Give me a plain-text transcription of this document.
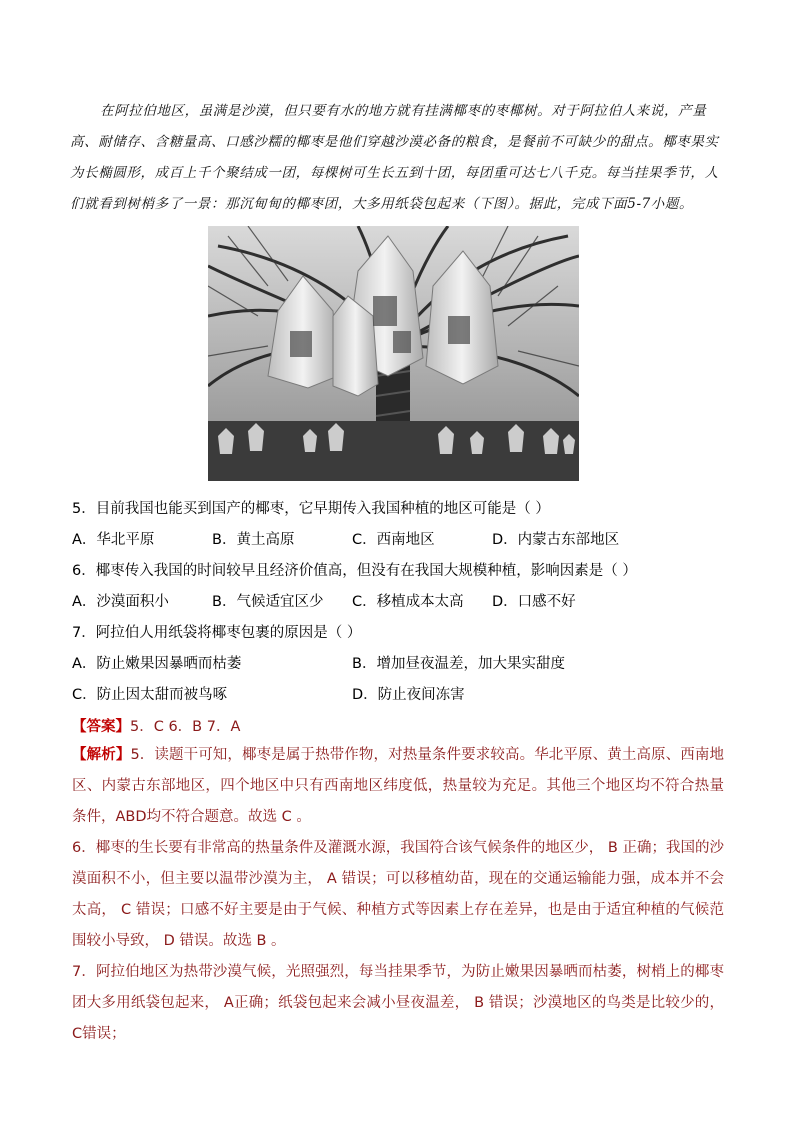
在阿拉伯地区，虽满是沙漠，但只要有水的地方就有挂满椰枣的枣椰树。对于阿拉伯人来说，产量高、耐储存、含糖量高、口感沙糯的椰枣是他们穿越沙漠必备的粮食，是餐前不可缺少的甜点。椰枣果实为长椭圆形，成百上千个聚结成一团，每棵树可生长五到十团，每团重可达七八千克。每当挂果季节，人们就看到树梢多了一景：那沉甸甸的椰枣团，大多用纸袋包起来（下图）。据此，完成下面5-7小题。

5．目前我国也能买到国产的椰枣，它早期传入我国种植的地区可能是（ ）
A．华北平原	B．黄土高原	C．西南地区	D．内蒙古东部地区
6．椰枣传入我国的时间较早且经济价值高，但没有在我国大规模种植，影响因素是（ ）
A．沙漠面积小	B．气候适宜区少 C．移植成本太高 D．口感不好
7．阿拉伯人用纸袋将椰枣包裹的原因是（ ）
A．防止嫩果因暴晒而枯萎	B．增加昼夜温差，加大果实甜度
C．防止因太甜而被鸟啄	D．防止夜间冻害
【答案】5．C 6．B 7．A

【解析】5．读题干可知，椰枣是属于热带作物，对热量条件要求较高。华北平原、黄土高原、西南地区、内蒙古东部地区，四个地区中只有西南地区纬度低，热量较为充足。其他三个地区均不符合热量条件，ABD均不符合题意。故选 C 。

6．椰枣的生长要有非常高的热量条件及灌溉水源，我国符合该气候条件的地区少， B 正确；我国的沙漠面积不小，但主要以温带沙漠为主， A 错误；可以移植幼苗，现在的交通运输能力强，成本并不会太高， C 错误；口感不好主要是由于气候、种植方式等因素上存在差异，也是由于适宜种植的气候范围较小导致， D 错误。故选 B 。

7．阿拉伯地区为热带沙漠气候，光照强烈，每当挂果季节，为防止嫩果因暴晒而枯萎，树梢上的椰枣团大多用纸袋包起来， A正确；纸袋包起来会减小昼夜温差， B 错误；沙漠地区的鸟类是比较少的， C错误；
